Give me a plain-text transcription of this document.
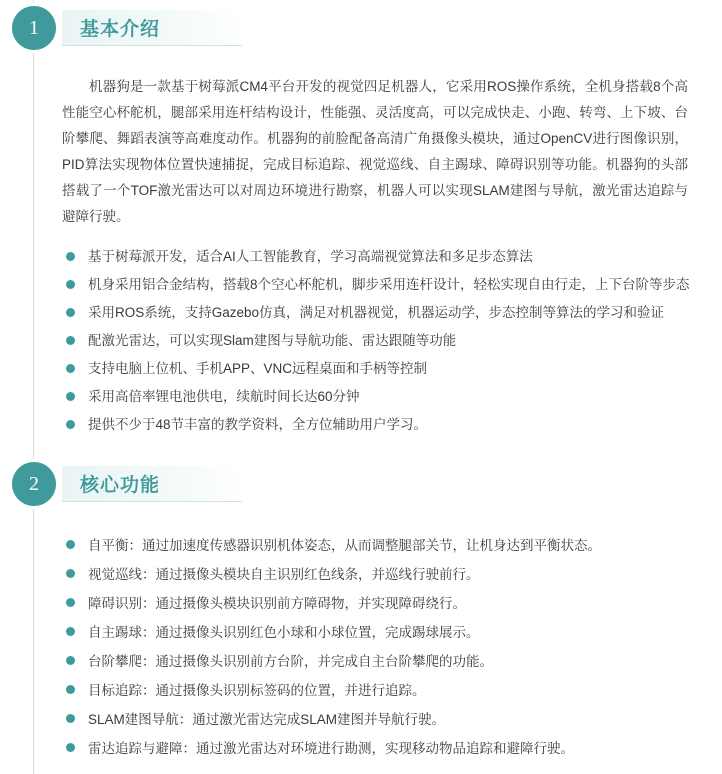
1	基本介绍

机器狗是一款基于树莓派CM4平台开发的视觉四足机器人，它采用ROS操作系统，全机身搭载8个高性能空心杯舵机，腿部采用连杆结构设计，性能强、灵活度高，可以完成快走、小跑、转弯、上下坡、台阶攀爬、舞蹈表演等高难度动作。机器狗的前脸配备高清广角摄像头模块，通过OpenCV进行图像识别，PID算法实现物体位置快速捕捉，完成目标追踪、视觉巡线、自主踢球、障碍识别等功能。机器狗的头部搭载了一个TOF激光雷达可以对周边环境进行勘察，机器人可以实现SLAM建图与导航，激光雷达追踪与避障行驶。

基于树莓派开发，适合AI人工智能教育，学习高端视觉算法和多足步态算法
机身采用铝合金结构，搭载8个空心杯舵机，脚步采用连杆设计，轻松实现自由行走，上下台阶等步态
采用ROS系统，支持Gazebo仿真，满足对机器视觉，机器运动学，步态控制等算法的学习和验证
配激光雷达，可以实现Slam建图与导航功能、雷达跟随等功能
支持电脑上位机、手机APP、VNC远程桌面和手柄等控制
采用高倍率锂电池供电，续航时间长达60分钟
提供不少于48节丰富的教学资料，全方位辅助用户学习。
2	核心功能
自平衡：通过加速度传感器识别机体姿态，从而调整腿部关节，让机身达到平衡状态。
视觉巡线：通过摄像头模块自主识别红色线条，并巡线行驶前行。
障碍识别：通过摄像头模块识别前方障碍物，并实现障碍绕行。
自主踢球：通过摄像头识别红色小球和小球位置，完成踢球展示。
台阶攀爬：通过摄像头识别前方台阶，并完成自主台阶攀爬的功能。
目标追踪：通过摄像头识别标签码的位置，并进行追踪。
SLAM建图导航：通过激光雷达完成SLAM建图并导航行驶。
雷达追踪与避障：通过激光雷达对环境进行勘测，实现移动物品追踪和避障行驶。
